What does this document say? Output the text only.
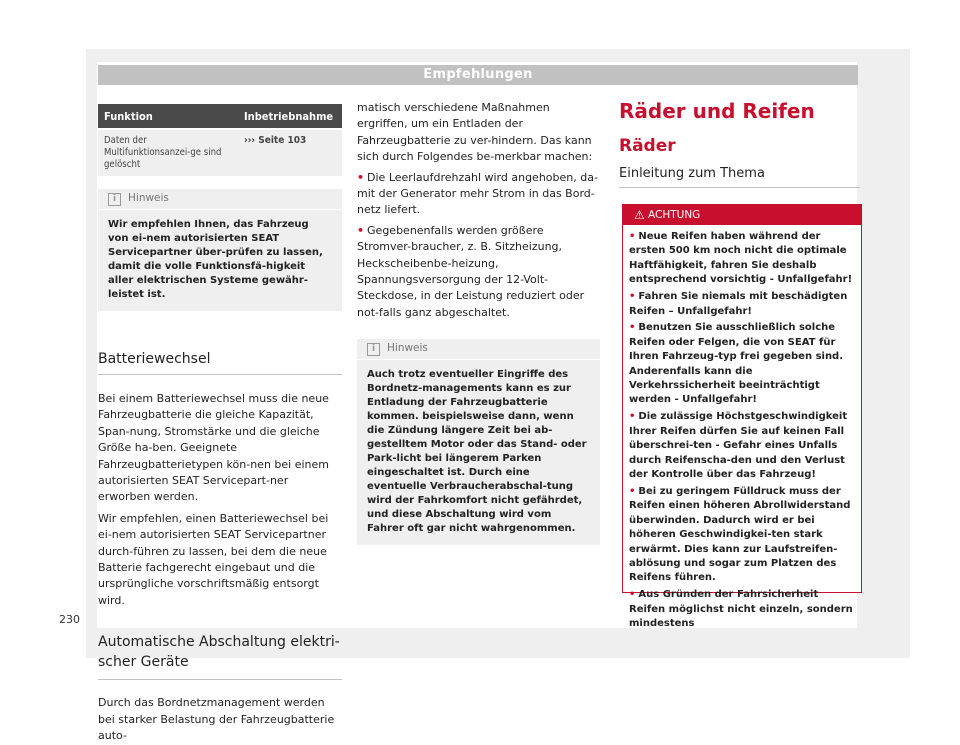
Empfehlungen
Funktion	Inbetriebnahme
Daten der Multifunktionsanzei-ge sind gelöscht	››› Seite 103
i	Hinweis
Wir empfehlen Ihnen, das Fahrzeug von ei-nem autorisierten SEAT Servicepartner über-prüfen zu lassen, damit die volle Funktionsfä-higkeit aller elektrischen Systeme gewähr-leistet ist.
Batteriewechsel

Bei einem Batteriewechsel muss die neue Fahrzeugbatterie die gleiche Kapazität, Span-nung, Stromstärke und die gleiche Größe ha-ben. Geeignete Fahrzeugbatterietypen kön-nen bei einem autorisierten SEAT Servicepart-ner erworben werden.

Wir empfehlen, einen Batteriewechsel bei ei-nem autorisierten SEAT Servicepartner durch-führen zu lassen, bei dem die neue Batterie fachgerecht eingebaut und die ursprüngliche vorschriftsmäßig entsorgt wird.

Automatische Abschaltung elektri-scher Geräte

Durch das Bordnetzmanagement werden bei starker Belastung der Fahrzeugbatterie auto-

matisch verschiedene Maßnahmen ergriffen, um ein Entladen der Fahrzeugbatterie zu ver-hindern. Das kann sich durch Folgendes be-merkbar machen:

• Die Leerlaufdrehzahl wird angehoben, da-mit der Generator mehr Strom in das Bord-netz liefert.

• Gegebenenfalls werden größere Stromver-braucher, z. B. Sitzheizung, Heckscheibenbe-heizung, Spannungsversorgung der 12-Volt-Steckdose, in der Leistung reduziert oder not-falls ganz abgeschaltet.

i	Hinweis
Auch trotz eventueller Eingriffe des Bordnetz-managements kann es zur Entladung der Fahrzeugbatterie kommen. beispielsweise dann, wenn die Zündung längere Zeit bei ab-gestelltem Motor oder das Stand- oder Park-licht bei längerem Parken eingeschaltet ist. Durch eine eventuelle Verbraucherabschal-tung wird der Fahrkomfort nicht gefährdet, und diese Abschaltung wird vom Fahrer oft gar nicht wahrgenommen.
Räder und Reifen
Räder
Einleitung zum Thema
⚠ ACHTUNG

• Neue Reifen haben während der ersten 500 km noch nicht die optimale Haftfähigkeit, fahren Sie deshalb entsprechend vorsichtig - Unfallgefahr!

• Fahren Sie niemals mit beschädigten Reifen – Unfallgefahr!

• Benutzen Sie ausschließlich solche Reifen oder Felgen, die von SEAT für Ihren Fahrzeug-typ frei gegeben sind. Anderenfalls kann die Verkehrssicherheit beeinträchtigt werden - Unfallgefahr!

• Die zulässige Höchstgeschwindigkeit Ihrer Reifen dürfen Sie auf keinen Fall überschrei-ten - Gefahr eines Unfalls durch Reifenscha-den und den Verlust der Kontrolle über das Fahrzeug!

• Bei zu geringem Fülldruck muss der Reifen einen höheren Abrollwiderstand überwinden. Dadurch wird er bei höheren Geschwindigkei-ten stark erwärmt. Dies kann zur Laufstreifen-ablösung und sogar zum Platzen des Reifens führen.

• Aus Gründen der Fahrsicherheit Reifen möglichst nicht einzeln, sondern mindestens

230
